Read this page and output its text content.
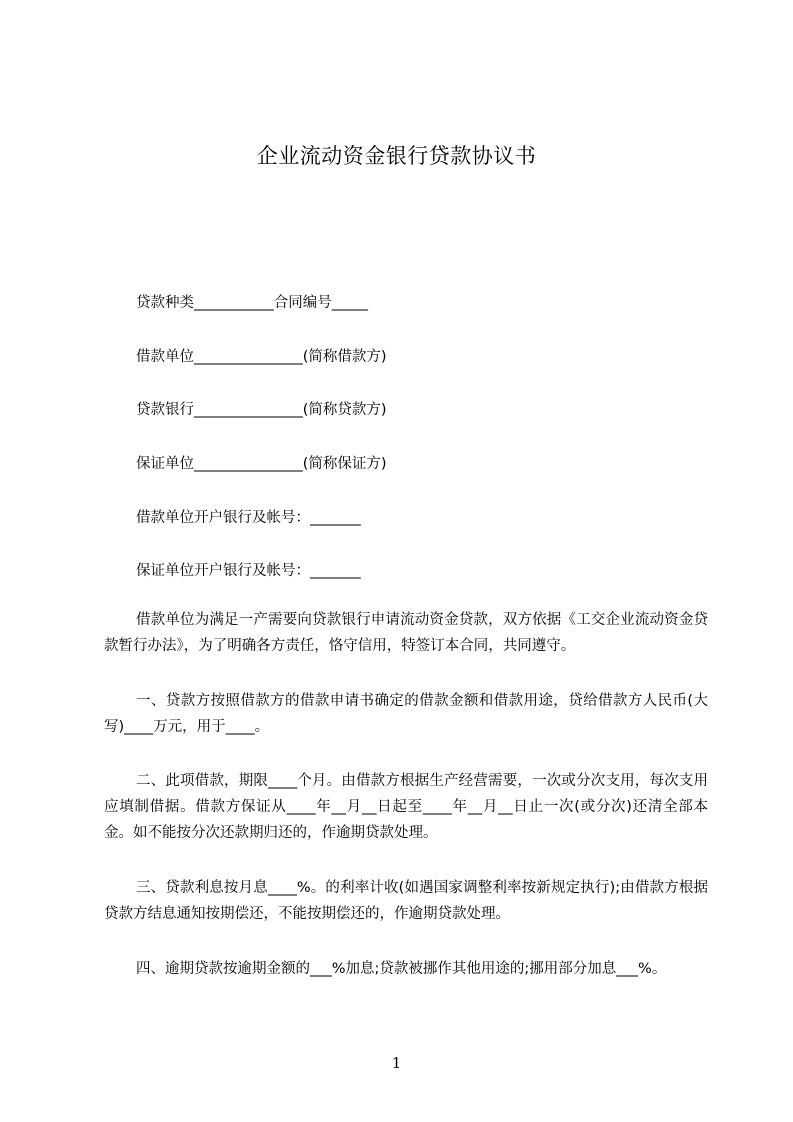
企业流动资金银行贷款协议书
贷款种类___________合同编号_____
借款单位_______________(简称借款方)
贷款银行_______________(简称贷款方)
保证单位_______________(简称保证方)
借款单位开户银行及帐号：_______
保证单位开户银行及帐号：_______
借款单位为满足一产需要向贷款银行申请流动资金贷款，双方依据《工交企业流动资金贷款暂行办法》，为了明确各方责任，恪守信用，特签订本合同，共同遵守。
一、贷款方按照借款方的借款申请书确定的借款金额和借款用途，贷给借款方人民币(大写)____万元，用于____。
二、此项借款，期限____个月。由借款方根据生产经营需要，一次或分次支用，每次支用应填制借据。借款方保证从____年__月__日起至____年__月__日止一次(或分次)还清全部本金。如不能按分次还款期归还的，作逾期贷款处理。
三、贷款利息按月息____%。的利率计收(如遇国家调整利率按新规定执行);由借款方根据贷款方结息通知按期偿还，不能按期偿还的，作逾期贷款处理。
四、逾期贷款按逾期金额的___%加息;贷款被挪作其他用途的;挪用部分加息___%。
1
